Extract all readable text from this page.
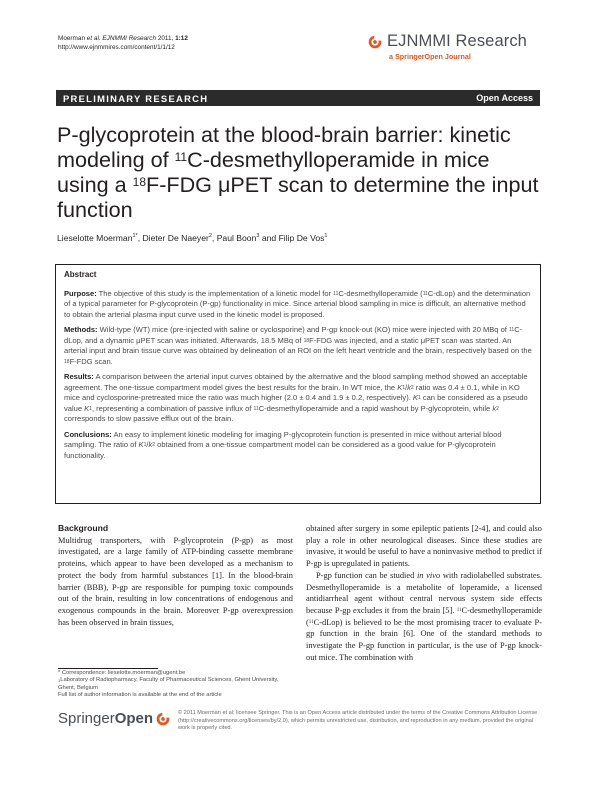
Moerman et al. EJNMMI Research 2011, 1:12
http://www.ejnmmires.com/content/1/1/12	EJNMMI Research
a SpringerOpen Journal
PRELIMINARY RESEARCH	Open Access
P-glycoprotein at the blood-brain barrier: kinetic modeling of $^{11}$C-desmethylloperamide in mice using a $^{18}$F-FDG μPET scan to determine the input function
Lieselotte Moerman$^{1*}$, Dieter De Naeyer$^2$, Paul Boon$^3$ and Filip De Vos$^1$
Abstract

Purpose: The objective of this study is the implementation of a kinetic model for $^{11}$C-desmethylloperamide ($^{11}$C-dLop) and the determination of a typical parameter for P-glycoprotein (P-gp) functionality in mice. Since arterial blood sampling in mice is difficult, an alternative method to obtain the arterial plasma input curve used in the kinetic model is proposed.

Methods: Wild-type (WT) mice (pre-injected with saline or cyclosporine) and P-gp knock-out (KO) mice were injected with 20 MBq of $^{11}$C-dLop, and a dynamic μPET scan was initiated. Afterwards, 18.5 MBq of $^{18}$F-FDG was injected, and a static μPET scan was started. An arterial input and brain tissue curve was obtained by delineation of an ROI on the left heart ventricle and the brain, respectively based on the $^{18}$F-FDG scan.

Results: A comparison between the arterial input curves obtained by the alternative and the blood sampling method showed an acceptable agreement. The one-tissue compartment model gives the best results for the brain. In WT mice, the K1/k2 ratio was 0.4 ± 0.1, while in KO mice and cyclosporine-pretreated mice the ratio was much higher (2.0 ± 0.4 and 1.9 ± 0.2, respectively). K1 can be considered as a pseudo value K1, representing a combination of passive influx of $^{11}$C-desmethylloperamide and a rapid washout by P-glycoprotein, while k2 corresponds to slow passive efflux out of the brain.

Conclusions: An easy to implement kinetic modeling for imaging P-glycoprotein function is presented in mice without arterial blood sampling. The ratio of K1/k2 obtained from a one-tissue compartment model can be considered as a good value for P-glycoprotein functionality.

Background

Multidrug transporters, with P-glycoprotein (P-gp) as most investigated, are a large family of ATP-binding cassette membrane proteins, which appear to have been developed as a mechanism to protect the body from harmful substances [1]. In the blood-brain barrier (BBB), P-gp are responsible for pumping toxic compounds out of the brain, resulting in low concentrations of endogenous and exogenous compounds in the brain. Moreover P-gp overexpression has been observed in brain tissues,

obtained after surgery in some epileptic patients [2-4], and could also play a role in other neurological diseases. Since these studies are invasive, it would be useful to have a noninvasive method to predict if P-gp is upregulated in patients.

P-gp function can be studied in vivo with radiolabelled substrates. Desmethylloperamide is a metabolite of loperamide, a licensed antidiarrheal agent without central nervous system side effects because P-gp excludes it from the brain [5]. $^{11}$C-desmethylloperamide ($^{11}$C-dLop) is believed to be the most promising tracer to evaluate P-gp function in the brain [6]. One of the standard methods to investigate the P-gp function in particular, is the use of P-gp knock-out mice. The combination with

* Correspondence: lieselotte.moerman@ugent.be
$^1$Laboratory of Radiopharmacy, Faculty of Pharmaceutical Sciences, Ghent University, Ghent, Belgium
Full list of author information is available at the end of the article
SpringerOpen	© 2011 Moerman et al; licensee Springer. This is an Open Access article distributed under the terms of the Creative Commons Attribution License (http://creativecommons.org/licenses/by/2.0), which permits unrestricted use, distribution, and reproduction in any medium, provided the original work is properly cited.
